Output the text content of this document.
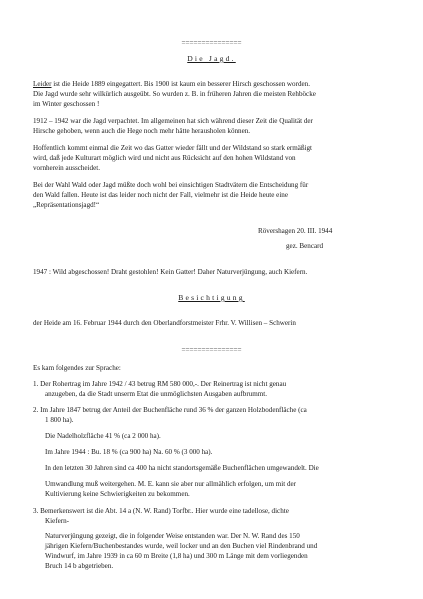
===============

Die Jagd.

Leider ist die Heide 1889 eingegattert. Bis 1900 ist kaum ein besserer Hirsch geschossen worden.

Die Jagd wurde sehr wilkürlich ausgeübt. So wurden z. B. in früheren Jahren die meisten Rehböcke

im Winter geschossen !

1912 – 1942 war die Jagd verpachtet. Im allgemeinen hat sich während dieser Zeit die Qualität der

Hirsche gehoben, wenn auch die Hege noch mehr hätte herausholen können.

Hoffentlich kommt einmal die Zeit wo das Gatter wieder fällt und der Wildstand so stark ermäßigt

wird, daß jede Kulturart möglich wird und nicht aus Rücksicht auf den hohen Wildstand von

vornherein ausscheidet.

Bei der Wahl Wald oder Jagd müßte doch wohl bei einsichtigen Stadtvätern die Entscheidung für

den Wald fallen. Heute ist das leider noch nicht der Fall, vielmehr ist die Heide heute eine

„Repräsentationsjagd!“

Rövershagen 20. III. 1944

gez. Bencard

1947 : Wild abgeschossen! Draht gestohlen! Kein Gatter! Daher Naturverjüngung, auch Kiefern.

Besichtigung

der Heide am 16. Februar 1944 durch den Oberlandforstmeister Frhr. V. Willisen – Schwerin

===============

Es kam folgendes zur Sprache:

1. Der Rohertrag im Jahre 1942 / 43 betrug RM 580 000,-. Der Reinertrag ist nicht genau

anzugeben, da die Stadt unserm Etat die unmöglichsten Ausgaben aufbrummt.

2. Im Jahre 1847 betrug der Anteil der Buchenfläche rund 36 % der ganzen Holzbodenfläche (ca

1 800 ha).

Die Nadelholzfläche 41 % (ca 2 000 ha).

Im Jahre 1944 : Bu. 18 % (ca 900 ha) Na. 60 % (3 000 ha).

In den letzten 30 Jahren sind ca 400 ha nicht standortsgemäße Buchenflächen umgewandelt. Die

Umwandlung muß weitergehen. M. E. kann sie aber nur allmählich erfolgen, um mit der

Kultivierung keine Schwierigkeiten zu bekommen.

3. Bemerkenswert ist die Abt. 14 a (N. W. Rand) Torfbr.. Hier wurde eine tadellose, dichte

Kiefern-

Naturverjüngung gezeigt, die in folgender Weise entstanden war. Der N. W. Rand des 150

jährigen Kiefern/Buchenbestandes wurde, weil locker und an den Buchen viel Rindenbrand und

Windwurf, im Jahre 1939 in ca 60 m Breite (1,8 ha) und 300 m Länge mit dem vorliegenden

Bruch 14 b abgetrieben.
